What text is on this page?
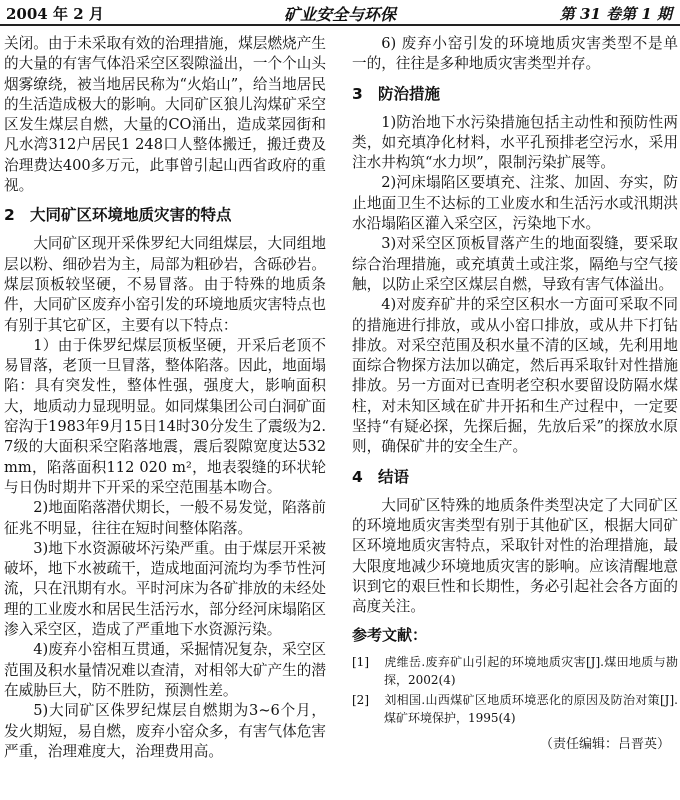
2004 年 2 月	矿业安全与环保	第 31 卷第 1 期

关闭。由于未采取有效的治理措施，煤层燃烧产生的大量的有害气体沿采空区裂隙溢出，一个个山头烟雾缭绕，被当地居民称为“火焰山”，给当地居民的生活造成极大的影响。大同矿区狼儿沟煤矿采空区发生煤层自燃，大量的CO涌出，造成菜园街和凡水湾312户居民1 248口人整体搬迁，搬迁费及治理费达400多万元，此事曾引起山西省政府的重视。

2 大同矿区环境地质灾害的特点

大同矿区现开采侏罗纪大同组煤层，大同组地层以粉、细砂岩为主，局部为粗砂岩，含砾砂岩。煤层顶板较坚硬，不易冒落。由于特殊的地质条件，大同矿区废弃小窑引发的环境地质灾害特点也有别于其它矿区，主要有以下特点：

1）由于侏罗纪煤层顶板坚硬，开采后老顶不易冒落，老顶一旦冒落，整体陷落。因此，地面塌陷：具有突发性，整体性强，强度大，影响面积大，地质动力显现明显。如同煤集团公司白洞矿面窑沟于1983年9月15日14时30分发生了震级为2.7级的大面积采空陷落地震，震后裂隙宽度达532 mm，陷落面积112 020 m²，地表裂缝的环状轮与日伪时期井下开采的采空范围基本吻合。

2)地面陷落潜伏期长，一般不易发觉，陷落前征兆不明显，往往在短时间整体陷落。

3)地下水资源破坏污染严重。由于煤层开采被破坏，地下水被疏干，造成地面河流均为季节性河流，只在汛期有水。平时河床为各矿排放的未经处理的工业废水和居民生活污水，部分经河床塌陷区渗入采空区，造成了严重地下水资源污染。

4)废弃小窑相互贯通，采掘情况复杂，采空区范围及积水量情况难以查清，对相邻大矿产生的潜在威胁巨大，防不胜防，预测性差。

5)大同矿区侏罗纪煤层自燃期为3~6个月，发火期短，易自燃，废弃小窑众多，有害气体危害严重，治理难度大，治理费用高。

6) 废弃小窑引发的环境地质灾害类型不是单一的，往往是多种地质灾害类型并存。

3 防治措施

1)防治地下水污染措施包括主动性和预防性两类，如充填净化材料，水平孔预排老空污水，采用注水井构筑“水力坝”，限制污染扩展等。

2)河床塌陷区要填充、注浆、加固、夯实，防止地面卫生不达标的工业废水和生活污水或汛期洪水沿塌陷区灌入采空区，污染地下水。

3)对采空区顶板冒落产生的地面裂缝，要采取综合治理措施，或充填黄土或注浆，隔绝与空气接触，以防止采空区煤层自燃，导致有害气体溢出。

4)对废弃矿井的采空区积水一方面可采取不同的措施进行排放，或从小窑口排放，或从井下打钻排放。对采空范围及积水量不清的区域，先利用地面综合物探方法加以确定，然后再采取针对性措施排放。另一方面对已查明老空积水要留设防隔水煤柱，对未知区域在矿井开拓和生产过程中，一定要坚持“有疑必探，先探后掘，先放后采”的探放水原则，确保矿井的安全生产。

4 结语

大同矿区特殊的地质条件类型决定了大同矿区的环境地质灾害类型有别于其他矿区，根据大同矿区环境地质灾害特点，采取针对性的治理措施，最大限度地减少环境地质灾害的影响。应该清醒地意识到它的艰巨性和长期性，务必引起社会各方面的高度关注。

参考文献：
[1] 虎维岳.废弃矿山引起的环境地质灾害[J].煤田地质与勘探，2002(4)
[2] 刘相国.山西煤矿区地质环境恶化的原因及防治对策[J].煤矿环境保护，1995(4)
（责任编辑：吕晋英）
